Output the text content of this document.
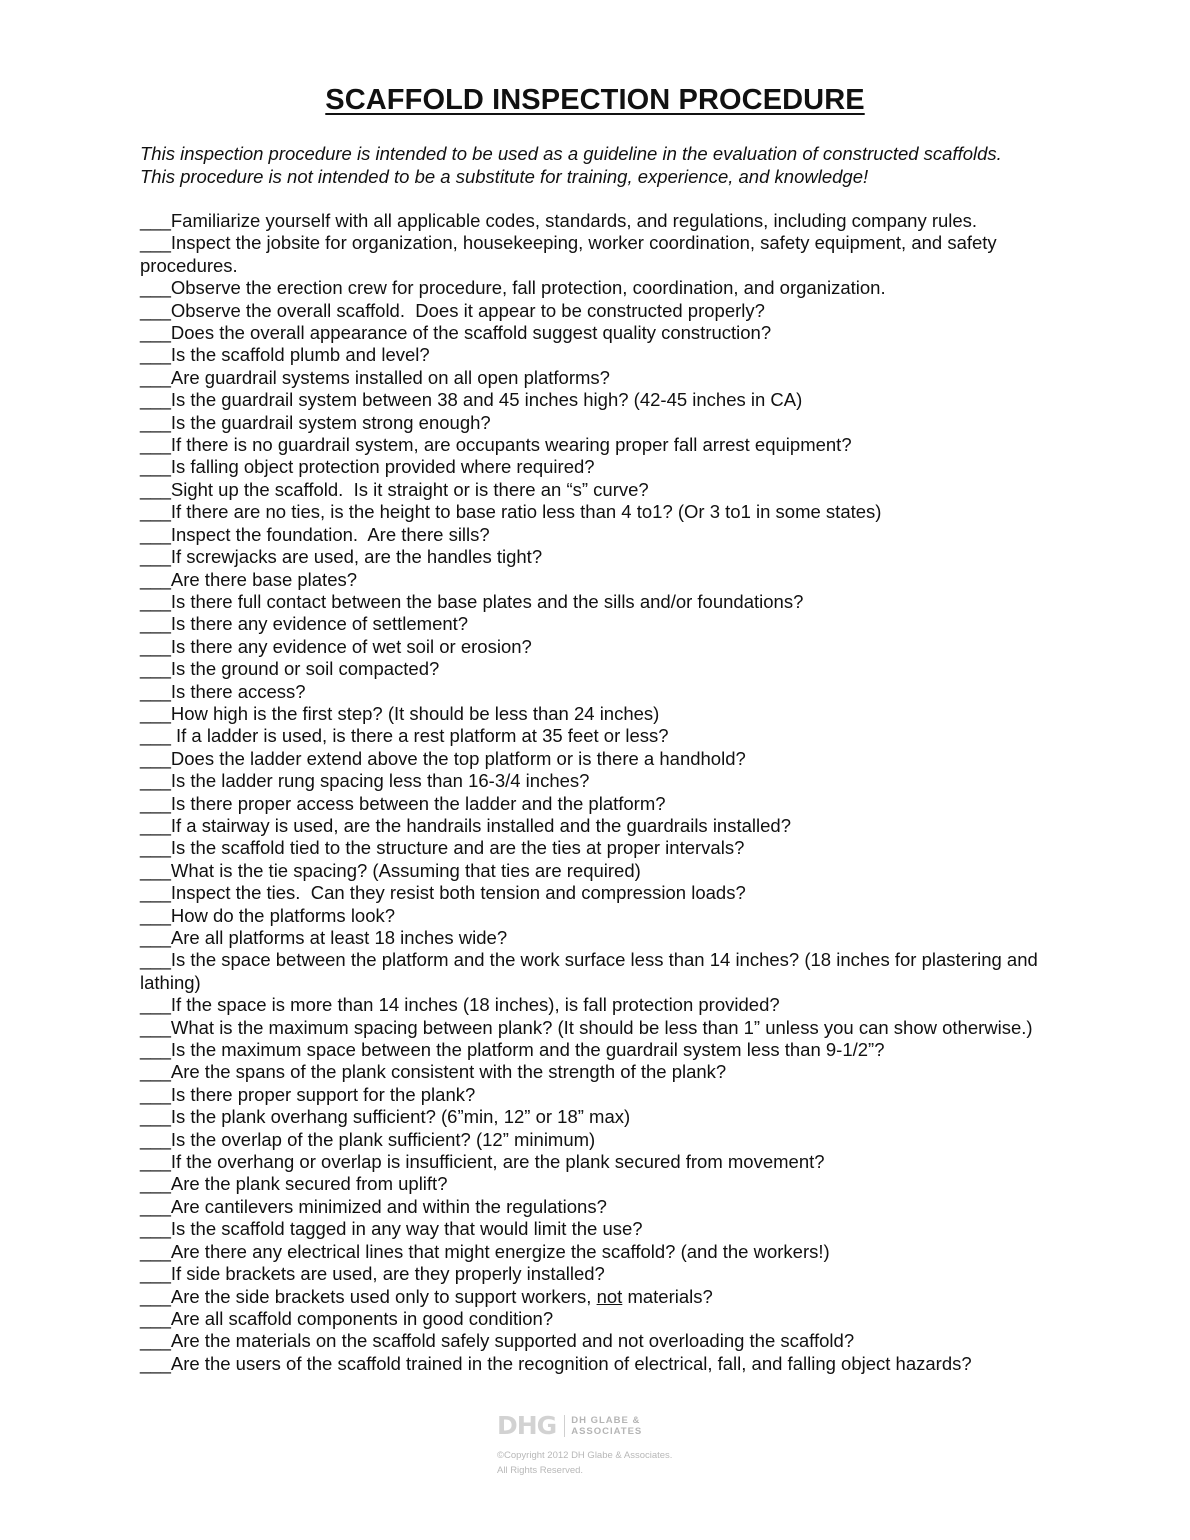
SCAFFOLD INSPECTION PROCEDURE
This inspection procedure is intended to be used as a guideline in the evaluation of constructed scaffolds.
This procedure is not intended to be a substitute for training, experience, and knowledge!
___Familiarize yourself with all applicable codes, standards, and regulations, including company rules.
___Inspect the jobsite for organization, housekeeping, worker coordination, safety equipment, and safety procedures.
___Observe the erection crew for procedure, fall protection, coordination, and organization.
___Observe the overall scaffold.  Does it appear to be constructed properly?
___Does the overall appearance of the scaffold suggest quality construction?
___Is the scaffold plumb and level?
___Are guardrail systems installed on all open platforms?
___Is the guardrail system between 38 and 45 inches high? (42-45 inches in CA)
___Is the guardrail system strong enough?
___If there is no guardrail system, are occupants wearing proper fall arrest equipment?
___Is falling object protection provided where required?
___Sight up the scaffold.  Is it straight or is there an “s” curve?
___If there are no ties, is the height to base ratio less than 4 to1? (Or 3 to1 in some states)
___Inspect the foundation.  Are there sills?
___If screwjacks are used, are the handles tight?
___Are there base plates?
___Is there full contact between the base plates and the sills and/or foundations?
___Is there any evidence of settlement?
___Is there any evidence of wet soil or erosion?
___Is the ground or soil compacted?
___Is there access?
___How high is the first step? (It should be less than 24 inches)
___ If a ladder is used, is there a rest platform at 35 feet or less?
___Does the ladder extend above the top platform or is there a handhold?
___Is the ladder rung spacing less than 16-3/4 inches?
___Is there proper access between the ladder and the platform?
___If a stairway is used, are the handrails installed and the guardrails installed?
___Is the scaffold tied to the structure and are the ties at proper intervals?
___What is the tie spacing? (Assuming that ties are required)
___Inspect the ties.  Can they resist both tension and compression loads?
___How do the platforms look?
___Are all platforms at least 18 inches wide?
___Is the space between the platform and the work surface less than 14 inches? (18 inches for plastering and lathing)
___If the space is more than 14 inches (18 inches), is fall protection provided?
___What is the maximum spacing between plank? (It should be less than 1” unless you can show otherwise.)
___Is the maximum space between the platform and the guardrail system less than 9-1/2”?
___Are the spans of the plank consistent with the strength of the plank?
___Is there proper support for the plank?
___Is the plank overhang sufficient? (6”min, 12” or 18” max)
___Is the overlap of the plank sufficient? (12” minimum)
___If the overhang or overlap is insufficient, are the plank secured from movement?
___Are the plank secured from uplift?
___Are cantilevers minimized and within the regulations?
___Is the scaffold tagged in any way that would limit the use?
___Are there any electrical lines that might energize the scaffold? (and the workers!)
___If side brackets are used, are they properly installed?
___Are the side brackets used only to support workers, not materials?
___Are all scaffold components in good condition?
___Are the materials on the scaffold safely supported and not overloading the scaffold?
___Are the users of the scaffold trained in the recognition of electrical, fall, and falling object hazards?
DHG DH GLABE &
ASSOCIATES
©Copyright 2012 DH Glabe & Associates.
All Rights Reserved.
